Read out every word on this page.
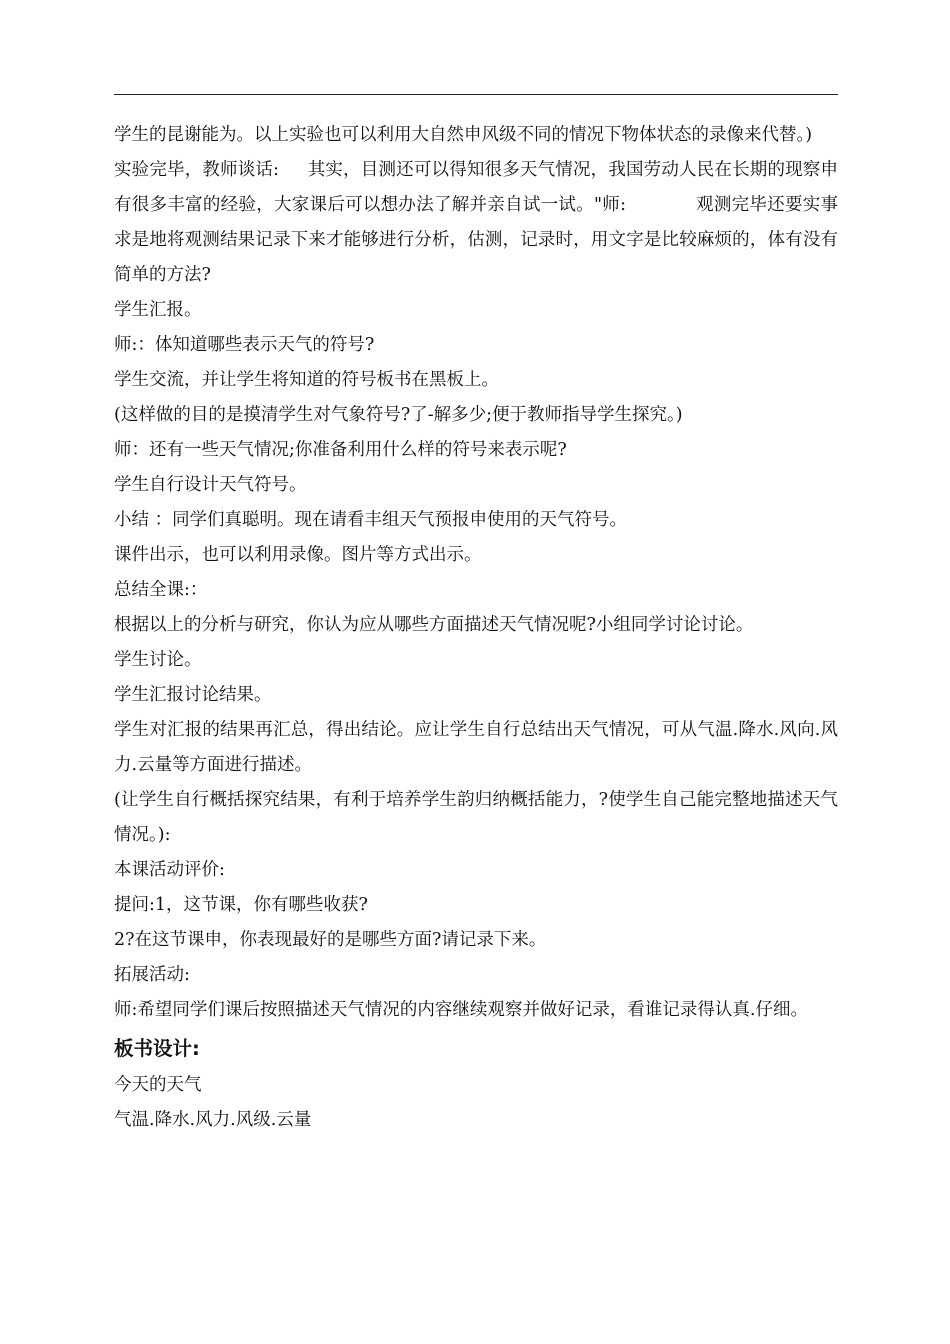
学生的昆谢能为。以上实验也可以利用大自然申风级不同的情况下物体状态的录像来代替。)

实验完毕，教师谈话:     其实，目测还可以得知很多天气情况，我国劳动人民在长期的现察申有很多丰富的经验，大家课后可以想办法了解并亲自试一试。"师:            观测完毕还要实事求是地将观测结果记录下来才能够进行分析，估测，记录时，用文字是比较麻烦的，体有没有简单的方法?

学生汇报。

师:：体知道哪些表示天气的符号?

学生交流，并让学生将知道的符号板书在黑板上。

(这样做的目的是摸清学生对气象符号?了-解多少;便于教师指导学生探究。)

师：还有一些天气情况;你准备利用什么样的符号来表示呢?

学生自行设计天气符号。

小结 ：同学们真聪明。现在请看丰组天气预报申使用的天气符号。

课件出示，也可以利用录像。图片等方式出示。

总结全课:：

根据以上的分析与研究，你认为应从哪些方面描述天气情况呢?小组同学讨论讨论。

学生讨论。

学生汇报讨论结果。

学生对汇报的结果再汇总，得出结论。应让学生自行总结出天气情况，可从气温.降水.风向.风力.云量等方面进行描述。

(让学生自行概括探究结果，有利于培养学生韵归纳概括能力，?使学生自己能完整地描述天气情况。):

本课活动评价:

提问:1，这节课，你有哪些收获?

2?在这节课申，你表现最好的是哪些方面?请记录下来。

拓展活动:

师:希望同学们课后按照描述天气情况的内容继续观察并做好记录，看谁记录得认真.仔细。

板书设计:

今天的天气

气温.降水.风力.风级.云量
